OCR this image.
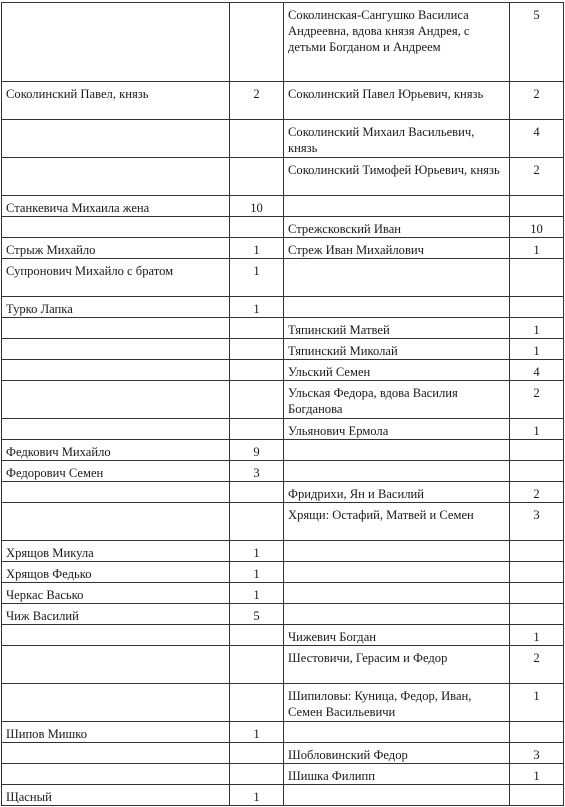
		Соколинская-Сангушко Василиса Андреевна, вдова князя Андрея, с детьми Богданом и Андреем	5
Соколинский Павел, князь	2	Соколинский Павел Юрьевич, князь	2
		Соколинский Михаил Васильевич, князь	4
		Соколинский Тимофей Юрьевич, князь	2
Станкевича Михаила жена	10		
		Стрежсковский Иван	10
Стрыж Михайло	1	Стреж Иван Михайлович	1
Супронович Михайло с братом	1		
Турко Лапка	1		
		Тяпинский Матвей	1
		Тяпинский Миколай	1
		Ульский Семен	4
		Ульская Федора, вдова Василия Богданова	2
		Ульянович Ермола	1
Федкович Михайло	9		
Федорович Семен	3		
		Фридрихи, Ян и Василий	2
		Хрящи: Остафий, Матвей и Семен	3
Хрящов Микула	1		
Хрящов Федько	1		
Черкас Васько	1		
Чиж Василий	5		
		Чижевич Богдан	1
		Шестовичи, Герасим и Федор	2
		Шипиловы: Куница, Федор, Иван, Семен Васильевичи	1
Шипов Мишко	1		
		Шобловинский Федор	3
		Шишка Филипп	1
Щасный	1		
